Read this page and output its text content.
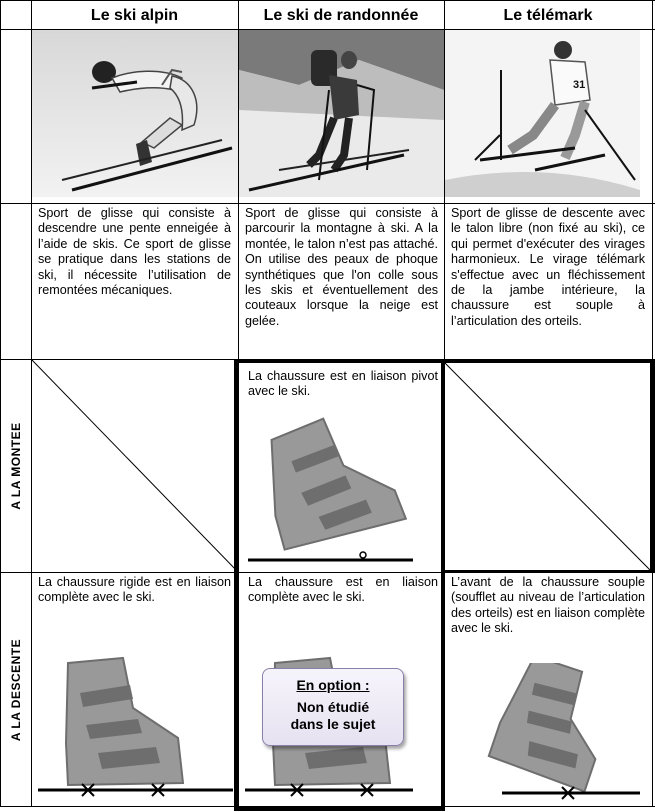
Le ski alpin	Le ski de randonnée	Le télémark
31
Sport de glisse qui consiste à descendre une pente enneigée à l’aide de skis. Ce sport de glisse se pratique dans les stations de ski, il nécessite l’utilisation de remontées mécaniques.
Sport de glisse qui consiste à parcourir la montagne à ski. A la montée, le talon n’est pas attaché. On utilise des peaux de phoque synthétiques que l'on colle sous les skis et éventuellement des couteaux lorsque la neige est gelée.
Sport de glisse de descente avec le talon libre (non fixé au ski), ce qui permet d'exécuter des virages harmonieux. Le virage télémark s'effectue avec un fléchissement de la jambe intérieure, la chaussure est souple à l’articulation des orteils.
A LA MONTEE
A LA DESCENTE
La chaussure est en liaison pivot avec le ski.
La chaussure rigide est en liaison complète avec le ski.
La chaussure est en liaison complète avec le ski.
L’avant de la chaussure souple (soufflet au niveau de l’articulation des orteils) est en liaison complète avec le ski.
En option :
Non étudié
dans le sujet
